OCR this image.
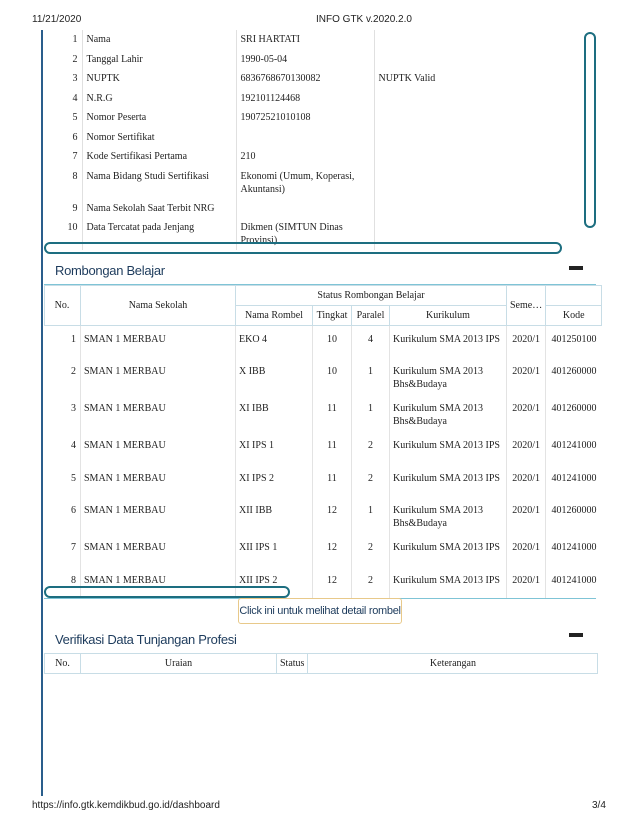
11/21/2020	INFO GTK v.2020.2.0
1	Nama	SRI HARTATI	
2	Tanggal Lahir	1990-05-04	
3	NUPTK	6836768670130082	NUPTK Valid
4	N.R.G	192101124468	
5	Nomor Peserta	19072521010108	
6	Nomor Sertifikat		
7	Kode Sertifikasi Pertama	210	
8	Nama Bidang Studi Sertifikasi	Ekonomi (Umum, Koperasi, Akuntansi)	
9	Nama Sekolah Saat Terbit NRG		
10	Data Tercatat pada Jenjang	Dikmen (SIMTUN Dinas Provinsi)	
Rombongan Belajar
No.	Nama Sekolah	Status Rombongan Belajar				Seme…	
		Nama Rombel	Tingkat	Paralel	Kurikulum		Kode
1	SMAN 1 MERBAU	EKO 4	10	4	Kurikulum SMA 2013 IPS	2020/1	401250100
2	SMAN 1 MERBAU	X IBB	10	1	Kurikulum SMA 2013 Bhs&Budaya	2020/1	401260000
3	SMAN 1 MERBAU	XI IBB	11	1	Kurikulum SMA 2013 Bhs&Budaya	2020/1	401260000
4	SMAN 1 MERBAU	XI IPS 1	11	2	Kurikulum SMA 2013 IPS	2020/1	401241000
5	SMAN 1 MERBAU	XI IPS 2	11	2	Kurikulum SMA 2013 IPS	2020/1	401241000
6	SMAN 1 MERBAU	XII IBB	12	1	Kurikulum SMA 2013 Bhs&Budaya	2020/1	401260000
7	SMAN 1 MERBAU	XII IPS 1	12	2	Kurikulum SMA 2013 IPS	2020/1	401241000
8	SMAN 1 MERBAU	XII IPS 2	12	2	Kurikulum SMA 2013 IPS	2020/1	401241000
Click ini untuk melihat detail rombel
Verifikasi Data Tunjangan Profesi
No.	Uraian	Status	Keterangan
https://info.gtk.kemdikbud.go.id/dashboard	3/4
